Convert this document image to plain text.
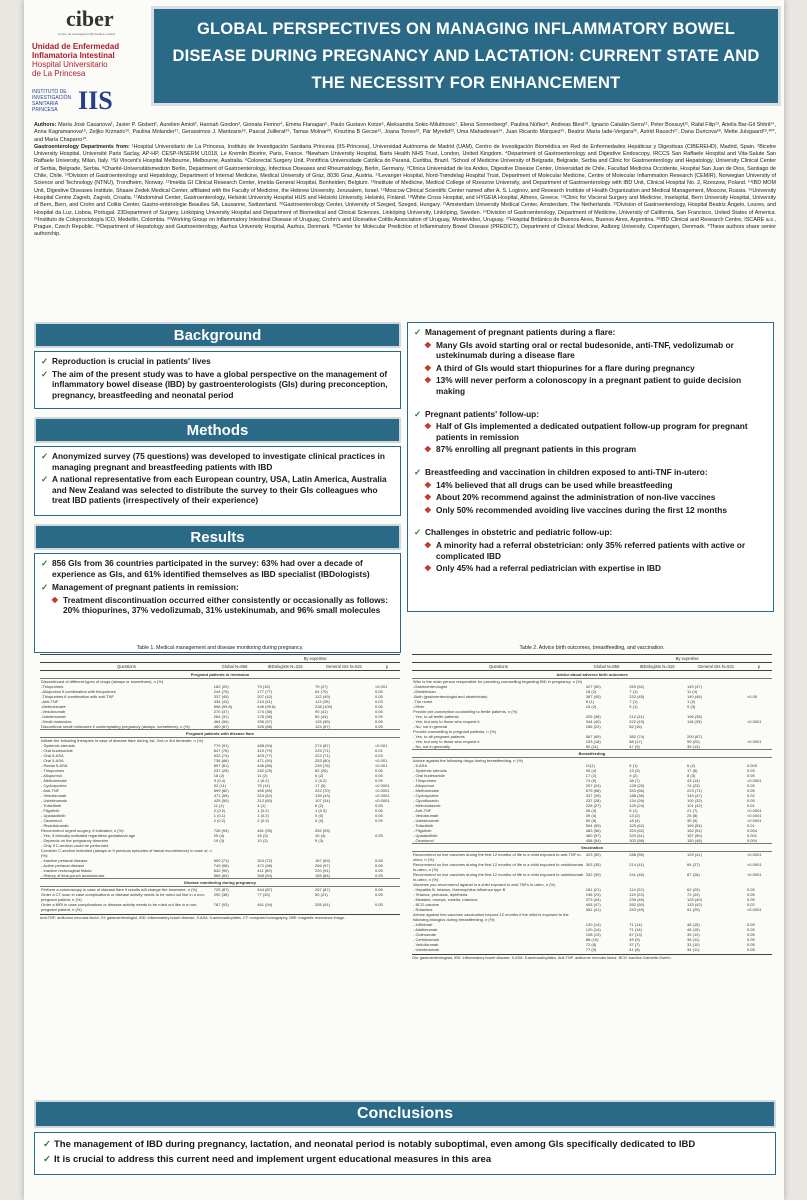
ciber
Centro de Investigación Biomédica en Red
Unidad de Enfermedad
Inflamatoria Intestinal
Hospital Universitario
de La Princesa
INSTITUTO DE INVESTIGACIÓN SANITARIA PRINCESA IIS
GLOBAL PERSPECTIVES ON MANAGING INFLAMMATORY BOWEL
DISEASE DURING PREGNANCY AND LACTATION: CURRENT STATE AND
THE NECESSITY FOR ENHANCEMENT
Authors: María José Casanova¹, Javier P. Gisbert¹, Aurelien Amiot², Hannah Gordon³, Gionata Fiorino⁴, Emma Flanagan⁵, Paulo Gustavo Kotze⁶, Aleksandra Sokic-Milutinovic⁷, Elena Sonnenberg⁸, Paulina Núñez⁹, Andreas Blesl¹⁰, Ignacio Catalán-Serra¹¹, Peter Bossuyt¹², Rafał Filip¹³, Ariella Bar-Gil Shitrit¹⁴, Anna Kagramanova¹⁵, Zeljko Krznaric¹⁶, Paulina Molander¹⁷, Gerassimos J. Mantzaris¹⁸, Pascal Juillerat¹⁹, Tamas Molnar²⁰, Krisztina B Gecse²¹, Joana Torres²², Pär Myrelid²³, Uma Mahadevan²⁴, Juan Ricardo Márquez²⁵, Beatriz María Iade-Vergara²⁶, Astrid Rausch²⁷, Dana Duricova²⁸, Mette Julsgaard²⁹,³⁰*, and María Chaparro¹*.
Gastroenterology Departments from: ¹Hospital Universitario de La Princesa, Instituto de Investigación Sanitaria Princesa (IIS-Princesa), Universidad Autónoma de Madrid (UAM), Centro de Investigación Biomédica en Red de Enfermedades Hepáticas y Digestivas (CIBEREHD), Madrid, Spain. ²Bicetre University Hospital, Université Paris Saclay, AP-HP, CESP-INSERM U1018, Le Kremlin Bicetre, Paris, France. ³Newham University Hospital, Barts Health NHS Trust, London, United Kingdom. ⁴Department of Gastroenterology and Digestive Endoscopy, IRCCS San Raffaele Hospital and Vita-Salute San Raffaele University, Milan, Italy. ⁵St Vincent's Hospital Melbourne, Melbourne, Australia. ⁶Colorectal Surgery Unit, Pontifícia Universidade Católica do Paraná, Curitiba, Brazil. ⁷School of Medicine University of Belgrade, Belgrade, Serbia and Clinic for Gastroenterology and Hepatology, University Clinical Center of Serbia, Belgrade, Serbia. ⁸Charité-Universitätsmedizin Berlin, Department of Gastroenterology, Infectious Diseases and Rheumatology, Berlin, Germany. ⁹Clínica Universidad de los Andes, Digestive Disease Center, Universidad de Chile, Facultad Medicina Occidente, Hospital San Juan de Dios, Santiago de Chile, Chile. ¹⁰Division of Gastroenterology and Hepatology, Department of Internal Medicine, Medical University of Graz, 8036 Graz, Austria. ¹¹Levanger Hospital, Nord-Trøndelag Hospital Trust, Department of Molecular Medicine, Centre of Molecular Inflammation Research (CEMIR), Norwegian University of Science and Technology (NTNU), Trondheim, Norway. ¹²Imelda GI Clinical Research Center, Imelda General Hospital, Bonheiden, Belgium. ¹³Institute of Medicine, Medical College of Rzeszow University, and Department of Gastroenterology with IBD Unit, Clinical Hospital No. 2, Rzeszow, Poland. ¹⁴IBD MOM Unit, Digestive Diseases Institute, Shaare Zedek Medical Center, affiliated with the Faculty of Medicine, the Hebrew University, Jerusalem, Israel. ¹⁵Moscow Clinical Scientific Center named after A. S. Loginov, and Research Institute of Health Organization and Medical Management, Moscow, Russia. ¹⁶University Hospital Centre Zagreb, Zagreb, Croatia. ¹⁷Abdominal Center, Gastroenterology, Helsinki University Hospital HUS and Helsinki University, Helsinki, Finland. ¹⁸White Cross Hospital, and HYGEIA Hospital, Athens, Greece. ¹⁹Clinic for Visceral Surgery and Medicine, Inselspital, Bern University Hospital, University of Bern, Bern, and Crohn and Colitis Center, Gastro-entérologie Beaulieu SA, Lausanne, Switzerland. ²⁰Gastroenterology Center, University of Szeged, Szeged, Hungary. ²¹Amsterdam University Medical Center, Amsterdam, The Netherlands. ²²Division of Gastroenterology, Hospital Beatriz Ângelo, Loures, and Hospital da Luz, Lisboa, Portugal. 23Department of Surgery, Linköping University Hospital and Department of Biomedical and Clinical Sciences, Linköping University, Linköping, Sweden. ²⁴Division of Gastroenterology, Department of Medicine, University of California, San Francisco, United States of America. ²⁵Instituto de Coloproctología ICO, Medellín, Colombia. ²⁶Working Group on Inflammatory Intestinal Disease of Uruguay, Crohn's and Ulcerative Colitis Association of Uruguay, Montevideo, Uruguay. ²⁷Hospital Británico de Buenos Aires, Buenos Aires, Argentina. ²⁸IBD Clinical and Research Centre, ISCARE a.s., Prague, Czech Republic. ²⁹Department of Hepatology and Gastroenterology, Aarhus University Hospital, Aarhus, Denmark. ³⁰Center for Molecular Prediction of Inflammatory Bowel Disease (PREDICT), Department of Clinical Medicine, Aalborg University, Copenhagen, Denmark. *These authors share senior authorship.
Background
✓ Reproduction is crucial in patients' lives
✓ The aim of the present study was to have a global perspective on the management of inflammatory bowel disease (IBD) by gastroenterologists (GIs) during preconception, pregnancy, breastfeeding and neonatal period
Methods
✓ Anonymized survey (75 questions) was developed to investigate clinical practices in managing pregnant and breastfeeding patients with IBD
✓ A national representative from each European country, USA, Latin America, Australia and New Zealand was selected to distribute the survey to their GIs colleagues who treat IBD patients (irrespectively of their experience)
Results
✓ 856 GIs from 36 countries participated in the survey: 63% had over a decade of experience as GIs, and 61% identified themselves as IBD specialist (IBDologists)
✓ Management of pregnant patients in remission:
❖ Treatment discontinuation occurred either consistently or occasionally as follows: 20% thiopurines, 37% vedolizumab, 31% ustekinumab, and 96% small molecules
✓ Management of pregnant patients during a flare:
❖ Many GIs avoid starting oral or rectal budesonide, anti-TNF, vedolizumab or ustekinumab during a disease flare
❖ A third of GIs would start thiopurines for a flare during pregnancy
❖ 13% will never perform a colonoscopy in a pregnant patient to guide decision making
✓ Pregnant patients' follow-up:
❖ Half of GIs implemented a dedicated outpatient follow-up program for pregnant patients in remission
❖ 87% enrolling all pregnant patients in this program
✓ Breastfeeding and vaccination in children exposed to anti-TNF in-utero:
❖ 14% believed that all drugs can be used while breastfeeding
❖ About 20% recommend against the administration of non-live vaccines
❖ Only 50% recommended avoiding live vaccines during the first 12 months
✓ Challenges in obstetric and pediatric follow-up:
❖ A minority had a referral obstetrician: only 35% referred patients with active or complicated IBD
❖ Only 45% had a referral pediatrician with expertise in IBD
Table 1. Medical management and disease monitoring during pregnancy.
		By expertise		
Questions	Global N=856	IBDologists N=315	General GIs N=521	p
Pregnant patients in remission				
Discontinued of different types of drugs (always or sometimes), n (%)				
-Thiopurines	162 (20)	79 (15)	79 (27)	<0.001
-Allopurinol if combination with thiopurines	244 (75)	177 (77)	64 (70)	0.05
-Thiopurines if combination with anti-TNF	337 (45)	207 (42)	122 (49)	0.05
-Anti-TNF	334 (43)	210 (41)	113 (39)	0.03
-Methotrexate	698 (99.8)	446 (99.8)	238 (100)	0.05
-Vedolizumab	270 (37)	174 (36)	90 (41)	0.05
-Ustekinumab	264 (31)	178 (38)	82 (43)	0.05
-Small molecules	464 (96)	336 (97)	125 (95)	0.05
Discontinue small molecules if contemplating pregnancy (always, sometimes), n (%)	460 (87)	326 (88)	124 (87)	0.05
Pregnant patients with disease flare				
Initiate the following therapies in case of disease flare during 1st, 2nd or 3rd trimester, n (%)				
- Systemic steroids	779 (91)	488 (94)	274 (87)	<0.001
- Oral budesonide	647 (76)	410 (79)	225 (71)	0.01
- Oral 5-ASA	632 (74)	403 (77)	222 (71)	0.03
- Oral 5-ASA	736 (86)	471 (90)	253 (80)	<0.001
- Rectal 5-ASA	697 (81)	446 (86)	239 (76)	<0.001
- Thiopurines	237 (28)	152 (29)	82 (26)	0.05
- Allopurinol	18 (2)	11 (2)	6 (2)	0.05
- Methotrexate	3 (0.4)	1 (0.2)	2 (0.2)	0.05
- Cyclosporine	92 (11)	75 (14)	17 (5)	<0.0001
- Anti-TNF	699 (82)	465 (89)	222 (70)	<0.0001
- Vedolizumab	471 (55)	324 (62)	135 (43)	<0.0001
- Ustekinumab	425 (50)	312 (60)	107 (34)	<0.0001
- Tofacitinib	11 (1)	4 (1)	6 (2)	0.05
- Filgotinib	2 (0.2)	1 (0.2)	1 (0.3)	0.05
- Upadacitinib	1 (0.1)	1 (0.2)	0 (0)	0.05
- Ozanimod	2 (0.2)	2 (0.3)	0 (0)	0.05
- Risankizumab				
Recommend urgent surgery, if indicated, n (%):	726 (94)	461 (95)	252 (93)	
- Yes, if clinically indicated regardless gestational age	25 (4)	15 (3)	10 (4)	0.05
- Depends on the pregnancy trimester	19 (3)	10 (2)	9 (3)	
- Only if C-section could be performed				
Consider C-section indicated (always or if previous episodes of faecal incontinence) in case of, n (%):				
- Inactive perianal disease	500 (71)	324 (72)	167 (69)	0.05
- Active perianal disease	749 (96)	472 (98)	266 (97)	0.05
- Inactive rectovaginal fistula	642 (90)	411 (89)	220 (91)	0.05
- History of ileal-pouch anastomosis	565 (84)	368 (84)	185 (84)	0.05
Disease monitoring during pregnancy				
Perform a colonoscopy in case of disease flare if results will change the treatment, n (%)	725 (87)	444 (87)	267 (87)	0.05
Order a CT scan in case complications or disease activity needs to be ruled out like in a non-pregnant patient, n (%)	290 (36)	77 (20)	50 (21)	0.05
Order a MRI in case complications or disease activity needs to be ruled out like in a non-pregnant patient, n (%)	787 (93)	461 (94)	255 (91)	0.05
Anti-TNF: antitumor necrosis factor, GI: gastroenterologist, IBD: inflammatory bowel disease, 5-ASA: 5-aminosalicylates, CT: computed tomography, MRI: magnetic resonance image.
Table 2. Advice birth outcomes, breastfeeding, and vaccination.
		By expertise		
Questions	Global N=856	IBDologists N=315	General GIs N=521	p
Advice about adverse birth outcomes				
Who is the main person responsible for providing counselling regarding IBD in pregnancy, n (%)				
-Gastroenterologist	427 (50)	269 (52)	149 (47)	
-Obstetrician	18 (2)	7 (1)	11 (4)	
-Both (gastroenterologist and obstetrician)	387 (45)	232 (45)	140 (46)	<0.05
-The nurse	8 (1)	7 (1)	1 (0)	
-Other	15 (2)	5 (1)	9 (3)	
Provide pre-conception counselling to fertile patients, n (%)				
- Yes, to all fertile patients	325 (38)	212 (41)	106 (35)	
- Yes, but only to those who request it	344 (40)	222 (43)	118 (39)	<0.0001
- No, not in general	186 (22)	82 (16)		
Provide counselling to pregnant patients, n (%)				
- Yes, to all pregnant patients	587 (69)	382 (74)	200 (67)	
- Yes, but only to those who request it	153 (18)	88 (17)	59 (20)	<0.0001
- No, not in generally	90 (11)	47 (9)	39 (13)	
Breastfeeding				
Advice against the following drugs during breastfeeding, n (%)				
- 5-ASA	11(1)	5 (1)	6 (2)	0.003
- Systemic steroids	30 (4)	13 (3)	17 (6)	0.03
- Oral budesonide	17 (2)	9 (2)	8 (3)	0.05
- Thiopurines	74 (9)	38 (7)	43 (14)	<0.0001
- Allopurinol	207 (24)	128 (25)	74 (23)	0.05
- Methotrexate	579 (68)	343 (66)	223 (71)	0.05
- Cyclosporine	337 (39)	188 (36)	145 (47)	0.02
- Ciprofloxacin	237 (28)	134 (26)	100 (32)	0.05
- Metronidazole	228 (27)	129 (24)	101 (32)	0.01
- Anti-TNF	26 (3)	5 (1)	21 (7)	<0.0001
- Vedolizumab	39 (4)	13 (2)	25 (8)	<0.0001
- Ustekinumab	50 (6)	18 (4)	30 (9)	<0.0001
- Tofacitinib	504 (59)	325 (62)	169 (54)	0.01
- Filgotinib	483 (56)	324 (62)	152 (51)	0.004
- Upadacitinib	480 (57)	320 (61)	157 (50)	0.001
- Ozanimod	458 (54)	302 (58)	150 (48)	0.004
Vaccination				
Recommend no live vaccines during the first 12 months of life in a child exposed to anti-TNF in-utero, n (%)	423 (50)	288 (55)	129 (41)	<0.0001
Recommend no live vaccines during the first 12 months of life in a child exposed to vedolizumab in-utero, n (%)	303 (35)	214 (41)	84 (27)	<0.0001
Recommend no live vaccines during the first 12 months of life in a child exposed to ustekinumab in-utero, n (%)	332 (39)	241 (46)	87 (28)	<0.0001
Vaccines you recommend against in a child exposed to anti-TNFs in-utero, n (%)				
- Hepatitis B, tetanus, Haemophilus influenza type B	181 (21)	114 (22)	62 (20)	0.05
- Tetanus, pertussis, diphtheria	196 (23)	119 (23)	72 (23)	0.05
- Measles, mumps, rubella, rotavirus	373 (44)	239 (46)	125 (40)	0.05
- BCG-vaccine	405 (47)	262 (50)	133 (42)	0.02
- Rotavirus	351 (41)	253 (49)	91 (29)	<0.0001
Advice against live-vaccines vaccination beyond 12 months if the child is exposed to the following biologics during breastfeeding, n (%)				
- Infliximab	120 (14)	71 (14)	48 (15)	0.05
- Adalimumab	120 (14)	71 (14)	48 (15)	0.05
- Golimumab	108 (13)	67 (13)	39 (12)	0.05
- Certolizumab	88 (10)	49 (9)	36 (11)	0.05
- Vedolizumab	72 (8)	37 (7)	33 (10)	0.05
- Ustekinumab	77 (9)	41 (8)	34 (11)	0.05
GIs: gastroenterologists, IBD: inflammatory bowel disease, 5-ASA: 5-aminosalicylates, Anti-TNF: antitumor necrosis factor, BCG: bacillus Calmette-Guérin.
Conclusions
✓ The management of IBD during pregnancy, lactation, and neonatal period is notably suboptimal, even among GIs specifically dedicated to IBD
✓ It is crucial to address this current need and implement urgent educational measures in this area
